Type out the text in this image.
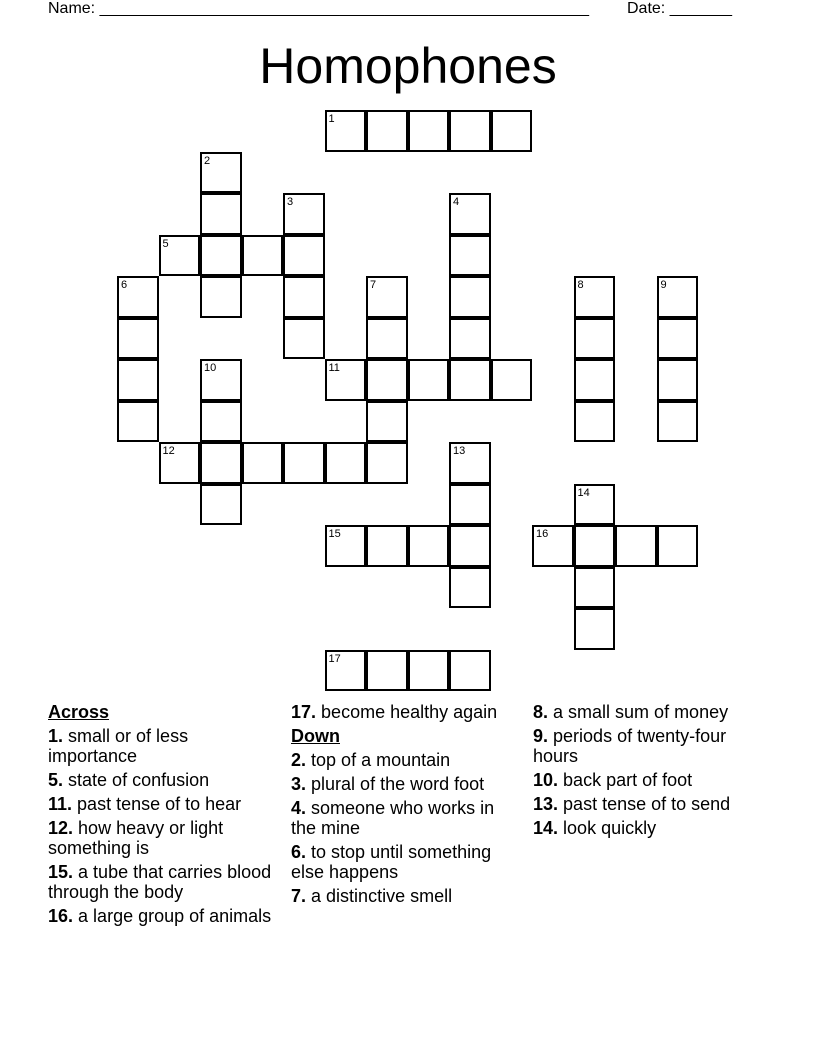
Name: _______________________________________________________ Date: _______
Homophones
1
2
3	4
5
6	7	8	9
10	11
12	13
14
15	16
17
Across
1. small or of less importance
5. state of confusion
11. past tense of to hear
12. how heavy or light something is
15. a tube that carries blood through the body
16. a large group of animals
17. become healthy again
Down
2. top of a mountain
3. plural of the word foot
4. someone who works in the mine
6. to stop until something else happens
7. a distinctive smell
8. a small sum of money
9. periods of twenty-four hours
10. back part of foot
13. past tense of to send
14. look quickly
